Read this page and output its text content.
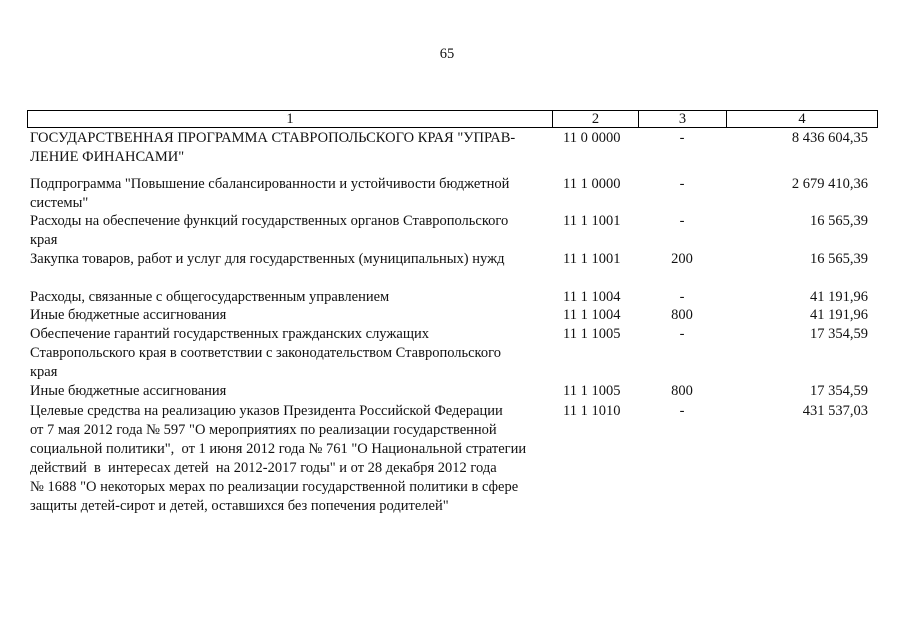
65
1	2	3	4
ГОСУДАРСТВЕННАЯ ПРОГРАММА СТАВРОПОЛЬСКОГО КРАЯ "УПРАВ-
ЛЕНИЕ ФИНАНСАМИ"
11 0 0000	-	8 436 604,35
Подпрограмма "Повышение сбалансированности и устойчивости бюджетной
системы"
11 1 0000	-	2 679 410,36
Расходы на обеспечение функций государственных органов Ставропольского
края
11 1 1001	-	16 565,39
Закупка товаров, работ и услуг для государственных (муниципальных) нужд	11 1 1001	200	16 565,39
Расходы, связанные с общегосударственным управлением	11 1 1004	-	41 191,96
Иные бюджетные ассигнования	11 1 1004	800	41 191,96
Обеспечение гарантий государственных гражданских служащих
Ставропольского края в соответствии с законодательством Ставропольского
края
11 1 1005	-	17 354,59
Иные бюджетные ассигнования	11 1 1005	800	17 354,59
Целевые средства на реализацию указов Президента Российской Федерации
от 7 мая 2012 года № 597 "О мероприятиях по реализации государственной
социальной политики",  от 1 июня 2012 года № 761 "О Национальной стратегии
действий  в  интересах детей  на 2012-2017 годы" и от 28 декабря 2012 года
№ 1688 "О некоторых мерах по реализации государственной политики в сфере
защиты детей-сирот и детей, оставшихся без попечения родителей"
11 1 1010	-	431 537,03
